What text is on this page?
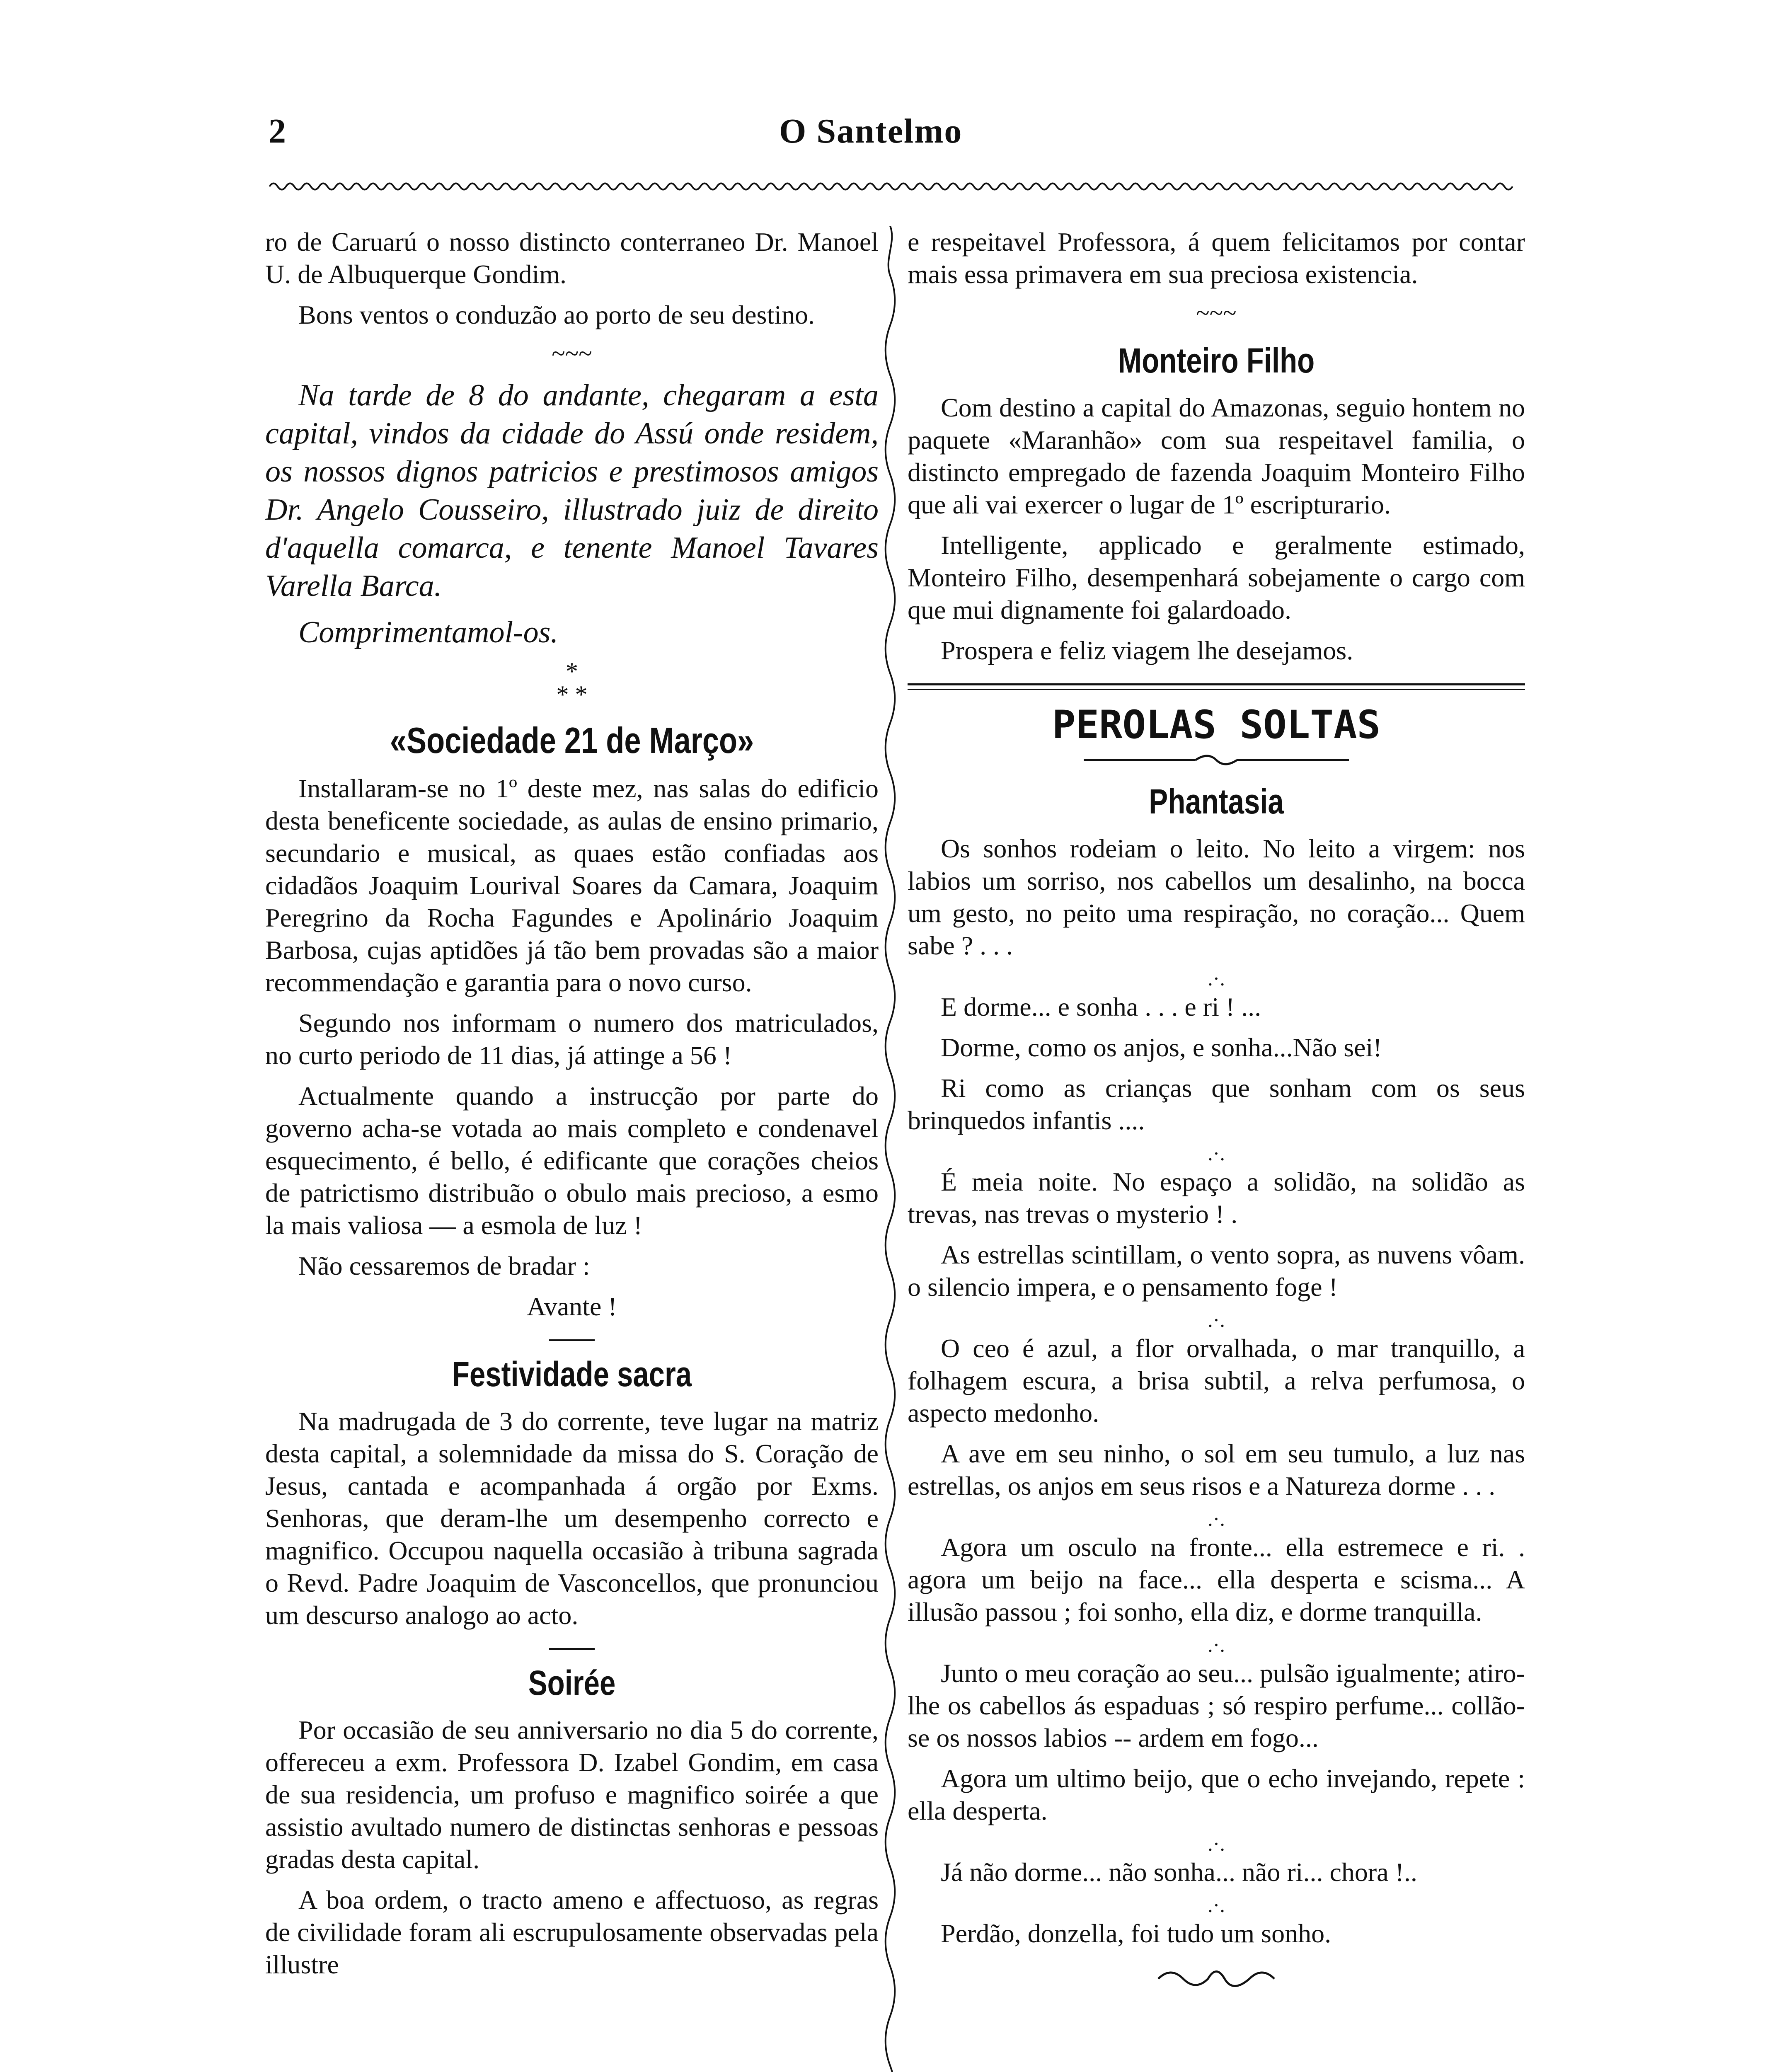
2	O Santelmo

ro de Caruarú o nosso distincto conterraneo Dr. Manoel U. de Albuquerque Gondim.

Bons ventos o conduzão ao porto de seu destino.

~~~

Na tarde de 8 do andante, chegaram a esta capital, vindos da cidade do Assú onde residem, os nossos dignos patricios e prestimosos amigos Dr. Angelo Cousseiro, illustrado juiz de direito d'aquella comarca, e tenente Manoel Tavares Varella Barca.

Comprimentamol-os.

*
* *
«Sociedade 21 de Março»

Installaram-se no 1º deste mez, nas salas do edificio desta beneficente sociedade, as aulas de ensino primario, secundario e musical, as quaes estão confiadas aos cidadãos Joaquim Lourival Soares da Camara, Joaquim Peregrino da Rocha Fagundes e Apolinário Joaquim Barbosa, cujas aptidões já tão bem provadas são a maior recommendação e garantia para o novo curso.

Segundo nos informam o numero dos matriculados, no curto periodo de 11 dias, já attinge a 56 !

Actualmente quando a instrucção por parte do governo acha-se votada ao mais completo e condenavel esquecimento, é bello, é edificante que corações cheios de patrictismo distribuão o obulo mais precioso, a esmo la mais valiosa — a esmola de luz !

Não cessaremos de bradar :

Avante !

Festividade sacra

Na madrugada de 3 do corrente, teve lugar na matriz desta capital, a solemnidade da missa do S. Coração de Jesus, cantada e acompanhada á orgão por Exms. Senhoras, que deram-lhe um desempenho correcto e magnifico. Occupou naquella occasião à tribuna sagrada o Revd. Padre Joaquim de Vasconcellos, que pronunciou um descurso analogo ao acto.

Soirée

Por occasião de seu anniversario no dia 5 do corrente, offereceu a exm. Professora D. Izabel Gondim, em casa de sua residencia, um profuso e magnifico soirée a que assistio avultado numero de distinctas senhoras e pessoas gradas desta capital.

A boa ordem, o tracto ameno e affectuoso, as regras de civilidade foram ali escrupulosamente observadas pela illustre

e respeitavel Professora, á quem felicitamos por contar mais essa primavera em sua preciosa existencia.

~~~
Monteiro Filho

Com destino a capital do Amazonas, seguio hontem no paquete «Maranhão» com sua respeitavel familia, o distincto empregado de fazenda Joaquim Monteiro Filho que ali vai exercer o lugar de 1º escripturario.

Intelligente, applicado e geralmente estimado, Monteiro Filho, desempenhará sobejamente o cargo com que mui dignamente foi galardoado.

Prospera e feliz viagem lhe desejamos.

PEROLAS SOLTAS
Phantasia

Os sonhos rodeiam o leito. No leito a virgem: nos labios um sorriso, nos cabellos um desalinho, na bocca um gesto, no peito uma respiração, no coração... Quem sabe ? . . .

.·.

E dorme... e sonha . . . e ri ! ...

Dorme, como os anjos, e sonha...Não sei!

Ri como as crianças que sonham com os seus brinquedos infantis ....

.·.

É meia noite. No espaço a solidão, na solidão as trevas, nas trevas o mysterio ! .

As estrellas scintillam, o vento sopra, as nuvens vôam. o silencio impera, e o pensamento foge !

.·.

O ceo é azul, a flor orvalhada, o mar tranquillo, a folhagem escura, a brisa subtil, a relva perfumosa, o aspecto medonho.

A ave em seu ninho, o sol em seu tumulo, a luz nas estrellas, os anjos em seus risos e a Natureza dorme . . .

.·.

Agora um osculo na fronte... ella estremece e ri. . agora um beijo na face... ella desperta e scisma... A illusão passou ; foi sonho, ella diz, e dorme tranquilla.

.·.

Junto o meu coração ao seu... pulsão igualmente; atiro-lhe os cabellos ás espaduas ; só respiro perfume... collão-se os nossos labios -- ardem em fogo...

Agora um ultimo beijo, que o echo invejando, repete : ella desperta.

.·.

Já não dorme... não sonha... não ri... chora !..

.·.

Perdão, donzella, foi tudo um sonho.
